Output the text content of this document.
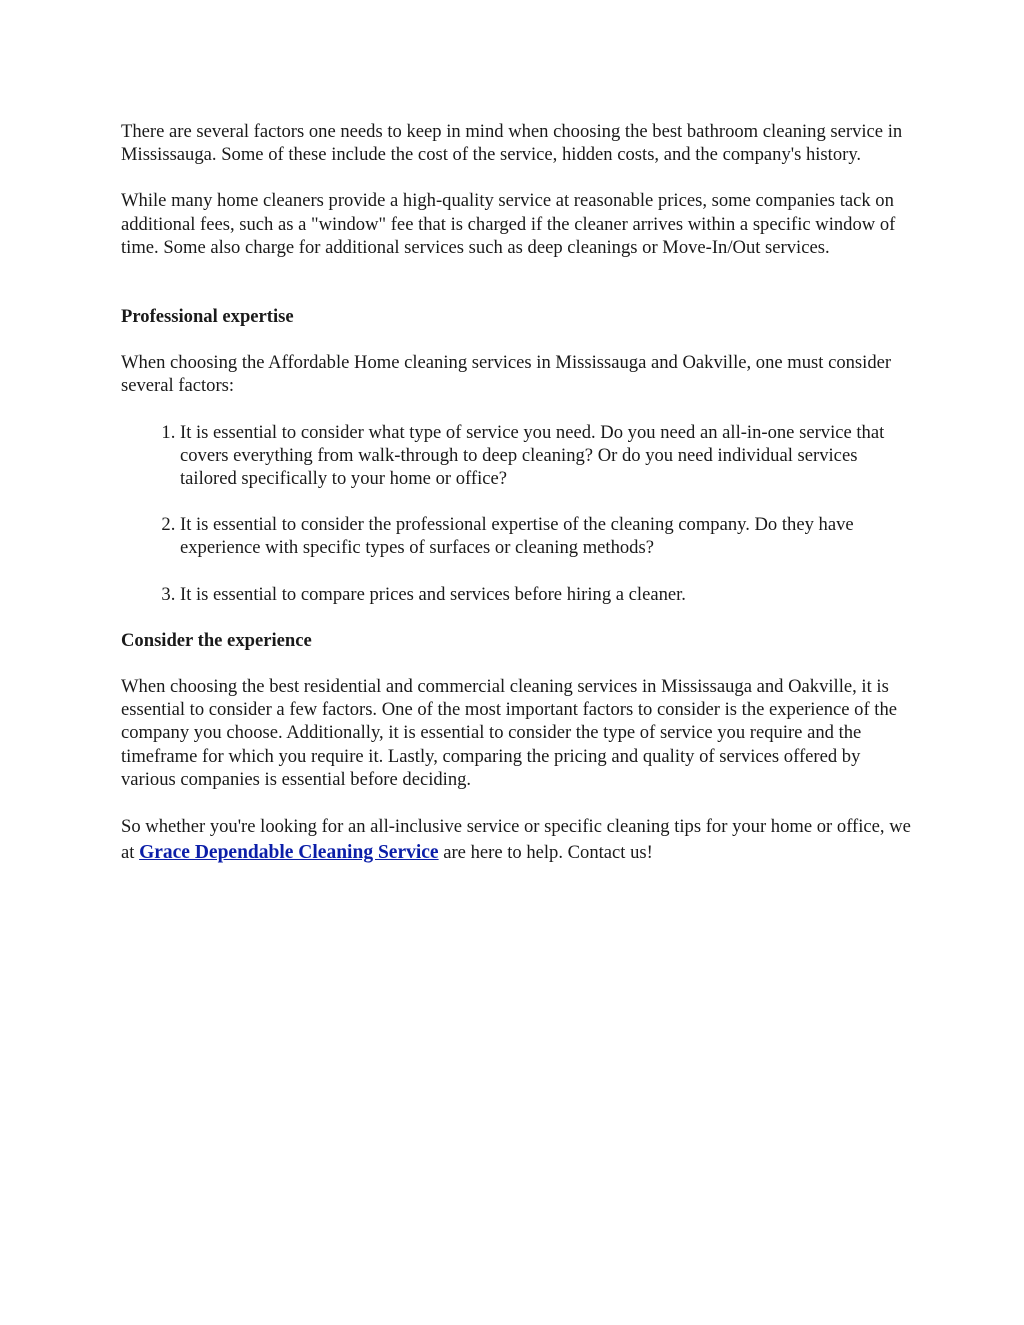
There are several factors one needs to keep in mind when choosing the best bathroom cleaning service in Mississauga. Some of these include the cost of the service, hidden costs, and the company's history.

While many home cleaners provide a high-quality service at reasonable prices, some companies tack on additional fees, such as a "window" fee that is charged if the cleaner arrives within a specific window of time. Some also charge for additional services such as deep cleanings or Move-In/Out services.

Professional expertise

When choosing the Affordable Home cleaning services in Mississauga and Oakville, one must consider several factors:

1. It is essential to consider what type of service you need. Do you need an all-in-one service that covers everything from walk-through to deep cleaning? Or do you need individual services tailored specifically to your home or office?
2. It is essential to consider the professional expertise of the cleaning company. Do they have experience with specific types of surfaces or cleaning methods?
3. It is essential to compare prices and services before hiring a cleaner.
Consider the experience

When choosing the best residential and commercial cleaning services in Mississauga and Oakville, it is essential to consider a few factors. One of the most important factors to consider is the experience of the company you choose. Additionally, it is essential to consider the type of service you require and the timeframe for which you require it. Lastly, comparing the pricing and quality of services offered by various companies is essential before deciding.

So whether you're looking for an all-inclusive service or specific cleaning tips for your home or office, we at Grace Dependable Cleaning Service are here to help. Contact us!
